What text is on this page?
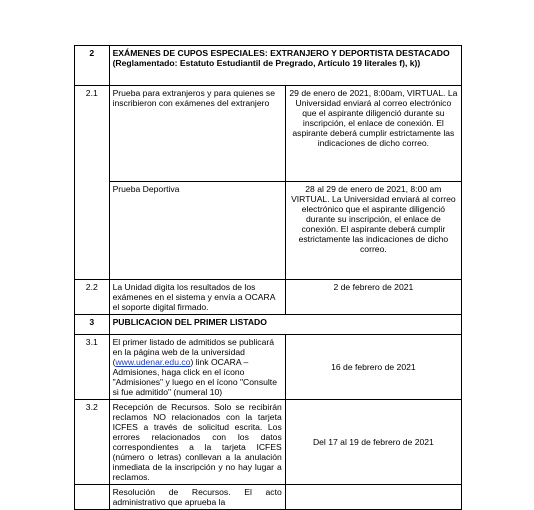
2	EXÁMENES DE CUPOS ESPECIALES: EXTRANJERO Y DEPORTISTA DESTACADO (Reglamentado: Estatuto Estudiantil de Pregrado, Artículo 19 literales f), k))	
2.1	Prueba para extranjeros y para quienes se inscribieron con exámenes del extranjero	29 de enero de 2021, 8:00am, VIRTUAL. La Universidad enviará al correo electrónico que el aspirante diligenció durante su inscripción, el enlace de conexión. El aspirante deberá cumplir estrictamente las indicaciones de dicho correo.
	Prueba Deportiva	28 al 29 de enero de 2021, 8:00 am VIRTUAL. La Universidad enviará al correo electrónico que el aspirante diligenció durante su inscripción, el enlace de conexión. El aspirante deberá cumplir estrictamente las indicaciones de dicho correo.
2.2	La Unidad digita los resultados de los exámenes en el sistema y envía a OCARA el soporte digital firmado.	2 de febrero de 2021
3	PUBLICACION DEL PRIMER LISTADO	
3.1	El primer listado de admitidos se publicará en la página web de la universidad (www.udenar.edu.co) link OCARA – Admisiones, haga click en el ícono "Admisiones" y luego en el ícono "Consulte si fue admitido" (numeral 10)	16 de febrero de 2021
3.2	Recepción de Recursos. Solo se recibirán reclamos NO relacionados con la tarjeta ICFES a través de solicitud escrita. Los errores relacionados con los datos correspondientes a la tarjeta ICFES (número o letras) conllevan a la anulación inmediata de la inscripción y no hay lugar a reclamos.	Del 17 al 19 de febrero de 2021
	Resolución de Recursos. El acto administrativo que aprueba la	
